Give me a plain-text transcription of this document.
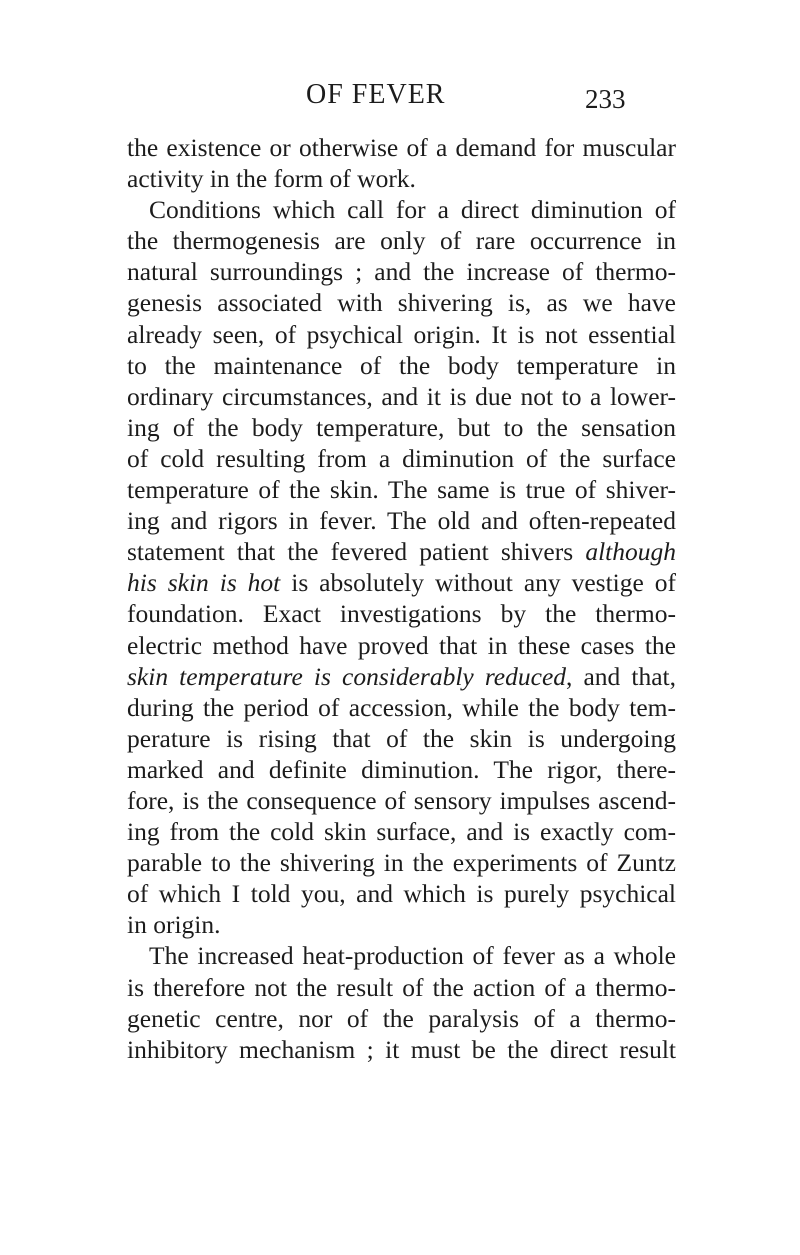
OF FEVER	233
the existence or otherwise of a demand for muscular
activity in the form of work.
Conditions which call for a direct diminution of
the thermogenesis are only of rare occurrence in
natural surroundings ; and the increase of thermo-
genesis associated with shivering is, as we have
already seen, of psychical origin. It is not essential
to the maintenance of the body temperature in
ordinary circumstances, and it is due not to a lower-
ing of the body temperature, but to the sensation
of cold resulting from a diminution of the surface
temperature of the skin. The same is true of shiver-
ing and rigors in fever. The old and often-repeated
statement that the fevered patient shivers although
his skin is hot is absolutely without any vestige of
foundation. Exact investigations by the thermo-
electric method have proved that in these cases the
skin temperature is considerably reduced, and that,
during the period of accession, while the body tem-
perature is rising that of the skin is undergoing
marked and definite diminution. The rigor, there-
fore, is the consequence of sensory impulses ascend-
ing from the cold skin surface, and is exactly com-
parable to the shivering in the experiments of Zuntz
of which I told you, and which is purely psychical
in origin.
The increased heat-production of fever as a whole
is therefore not the result of the action of a thermo-
genetic centre, nor of the paralysis of a thermo-
inhibitory mechanism ; it must be the direct result
